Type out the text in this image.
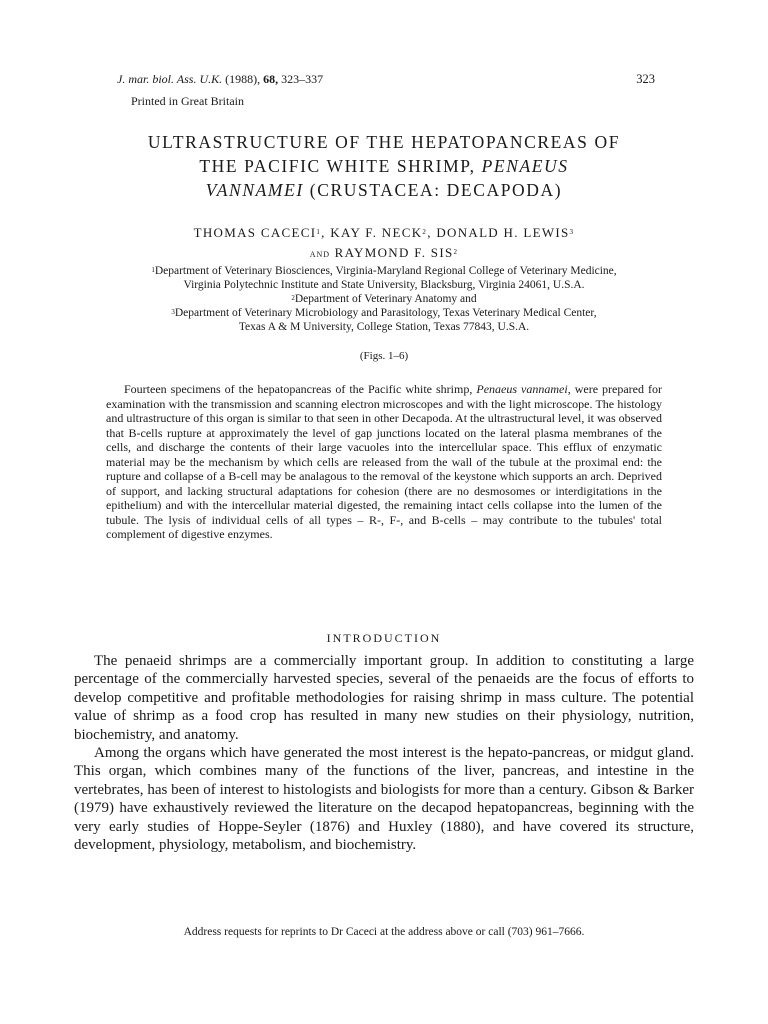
J. mar. biol. Ass. U.K. (1988), 68, 323–337	323
Printed in Great Britain
ULTRASTRUCTURE OF THE HEPATOPANCREAS OF
THE PACIFIC WHITE SHRIMP, PENAEUS
VANNAMEI (CRUSTACEA: DECAPODA)
THOMAS CACECI$^1$, KAY F. NECK$^2$, DONALD H. LEWIS$^3$
and RAYMOND F. SIS$^2$
$^1$Department of Veterinary Biosciences, Virginia-Maryland Regional College of Veterinary Medicine,
Virginia Polytechnic Institute and State University, Blacksburg, Virginia 24061, U.S.A.
$^2$Department of Veterinary Anatomy and
$^3$Department of Veterinary Microbiology and Parasitology, Texas Veterinary Medical Center,
Texas A & M University, College Station, Texas 77843, U.S.A.
(Figs. 1–6)

Fourteen specimens of the hepatopancreas of the Pacific white shrimp, Penaeus vannamei, were prepared for examination with the transmission and scanning electron microscopes and with the light microscope. The histology and ultrastructure of this organ is similar to that seen in other Decapoda. At the ultrastructural level, it was observed that B-cells rupture at approximately the level of gap junctions located on the lateral plasma membranes of the cells, and discharge the contents of their large vacuoles into the intercellular space. This efflux of enzymatic material may be the mechanism by which cells are released from the wall of the tubule at the proximal end: the rupture and collapse of a B-cell may be analagous to the removal of the keystone which supports an arch. Deprived of support, and lacking structural adaptations for cohesion (there are no desmosomes or interdigitations in the epithelium) and with the intercellular material digested, the remaining intact cells collapse into the lumen of the tubule. The lysis of individual cells of all types – R-, F-, and B-cells – may contribute to the tubules' total complement of digestive enzymes.

INTRODUCTION

The penaeid shrimps are a commercially important group. In addition to constituting a large percentage of the commercially harvested species, several of the penaeids are the focus of efforts to develop competitive and profitable methodologies for raising shrimp in mass culture. The potential value of shrimp as a food crop has resulted in many new studies on their physiology, nutrition, biochemistry, and anatomy.

Among the organs which have generated the most interest is the hepato-pancreas, or midgut gland. This organ, which combines many of the functions of the liver, pancreas, and intestine in the vertebrates, has been of interest to histologists and biologists for more than a century. Gibson & Barker (1979) have exhaustively reviewed the literature on the decapod hepatopancreas, beginning with the very early studies of Hoppe-Seyler (1876) and Huxley (1880), and have covered its structure, development, physiology, metabolism, and biochemistry.

Address requests for reprints to Dr Caceci at the address above or call (703) 961–7666.
